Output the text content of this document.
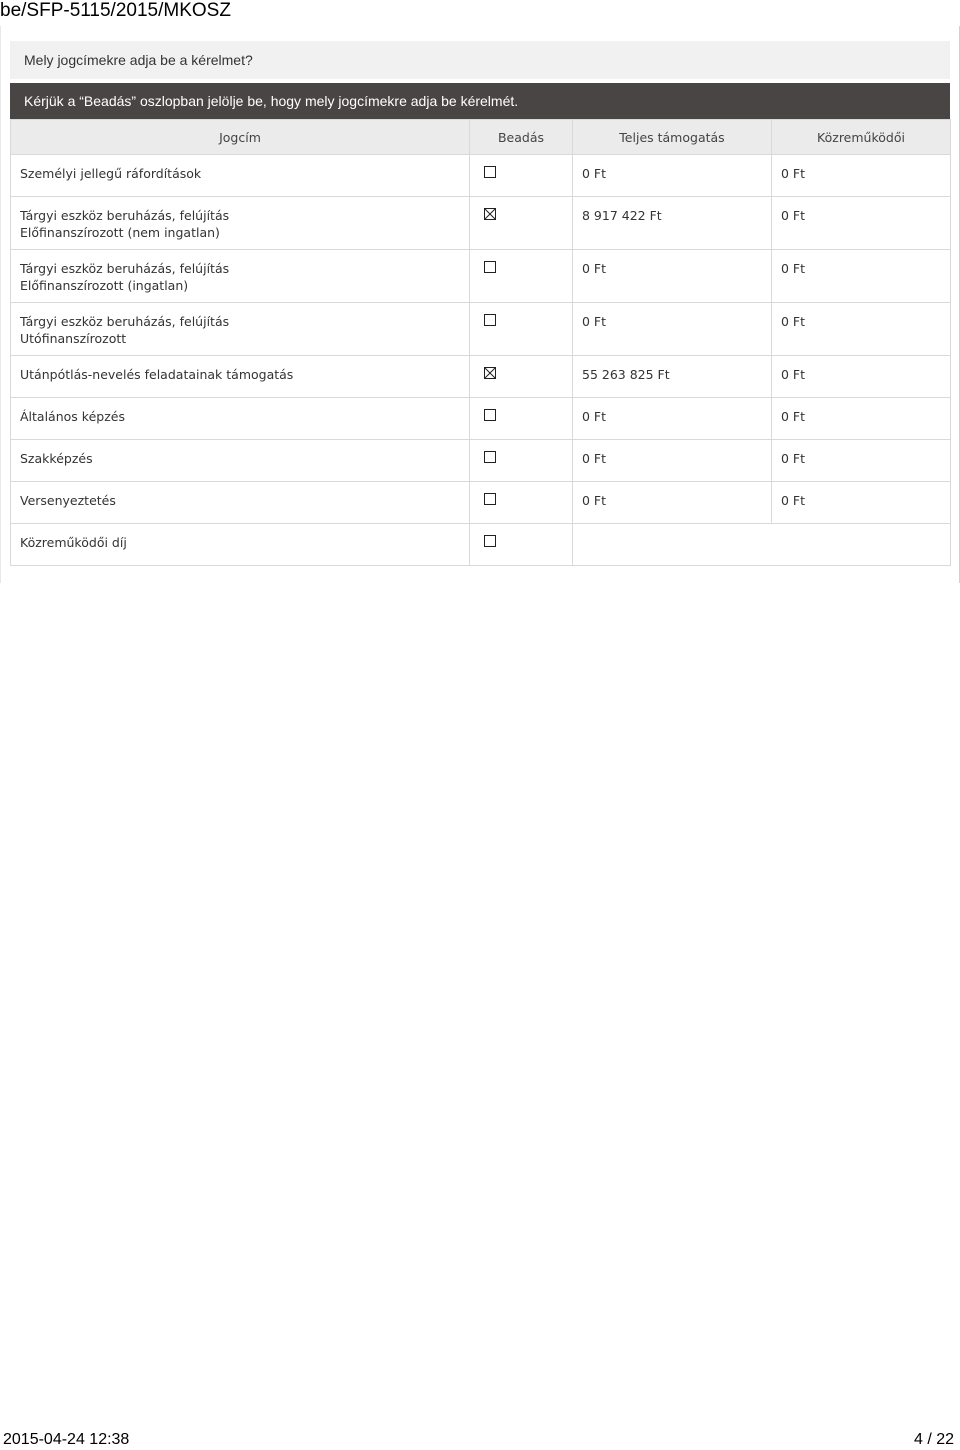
be/SFP-5115/2015/MKOSZ
Mely jogcímekre adja be a kérelmet?
Kérjük a “Beadás” oszlopban jelölje be, hogy mely jogcímekre adja be kérelmét.
Jogcím	Beadás	Teljes támogatás	Közreműködői

Személyi jellegű ráfordítások		0 Ft	0 Ft

Tárgyi eszköz beruházás, felújítás
Előfinanszírozott (nem ingatlan)		8 917 422 Ft	0 Ft

Tárgyi eszköz beruházás, felújítás
Előfinanszírozott (ingatlan)		0 Ft	0 Ft

Tárgyi eszköz beruházás, felújítás
Utófinanszírozott		0 Ft	0 Ft

Utánpótlás-nevelés feladatainak támogatás		55 263 825 Ft	0 Ft

Általános képzés		0 Ft	0 Ft

Szakképzés		0 Ft	0 Ft

Versenyeztetés		0 Ft	0 Ft

Közreműködői díj			

2015-04-24 12:38	4 / 22
